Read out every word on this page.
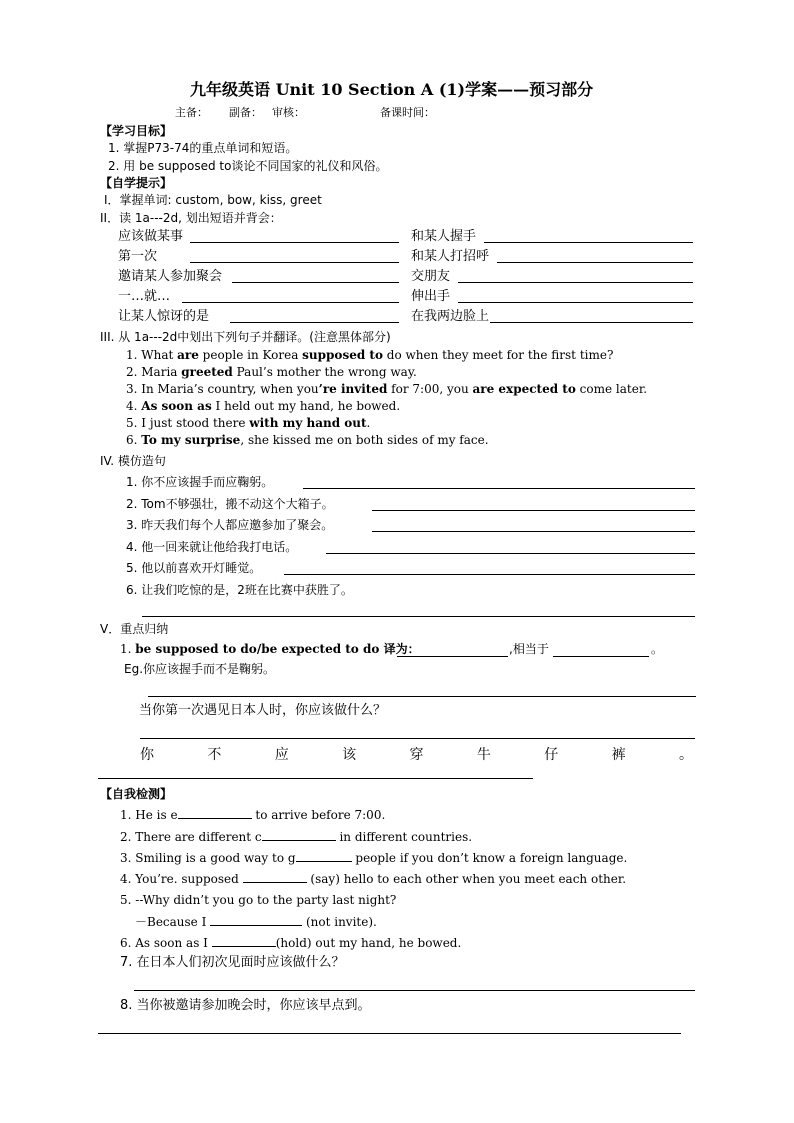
九年级英语 Unit 10 Section A (1)学案——预习部分
主备： 副备： 审核：	备课时间：
【学习目标】
1. 掌握P73-74的重点单词和短语。
2. 用 be supposed to谈论不同国家的礼仪和风俗。
【自学提示】
I．掌握单词: custom, bow, kiss, greet
II．读 1a---2d, 划出短语并背会：
应该做某事	和某人握手
第一次	和某人打招呼
邀请某人参加聚会	交朋友
一…就…	伸出手
让某人惊讶的是	在我两边脸上
III. 从 1a---2d中划出下列句子并翻译。(注意黑体部分)
1. What are people in Korea supposed to do when they meet for the first time?
2. Maria greeted Paul’s mother the wrong way.
3. In Maria’s country, when you’re invited for 7:00, you are expected to come later.
4. As soon as I held out my hand, he bowed.
5. I just stood there with my hand out.
6. To my surprise, she kissed me on both sides of my face.
IV. 模仿造句
1. 你不应该握手而应鞠躬。
2. Tom不够强壮，搬不动这个大箱子。
3. 昨天我们每个人都应邀参加了聚会。
4. 他一回来就让他给我打电话。
5. 他以前喜欢开灯睡觉。
6. 让我们吃惊的是，2班在比赛中获胜了。
V．重点归纳
1. be supposed to do/be expected to do 译为：	,相当于	。
Eg.你应该握手而不是鞠躬。
当你第一次遇见日本人时，你应该做什么？
你	不	应	该	穿	牛	仔	裤	。
【自我检测】
1. He is e	to arrive before 7:00.
2. There are different c	in different countries.
3. Smiling is a good way to g	people if you don’t know a foreign language.
4. You’re. supposed	(say) hello to each other when you meet each other.
5. --Why didn’t you go to the party last night?
－Because I	(not invite).
6. As soon as I	(hold) out my hand, he bowed.
7. 在日本人们初次见面时应该做什么？
8. 当你被邀请参加晚会时，你应该早点到。
